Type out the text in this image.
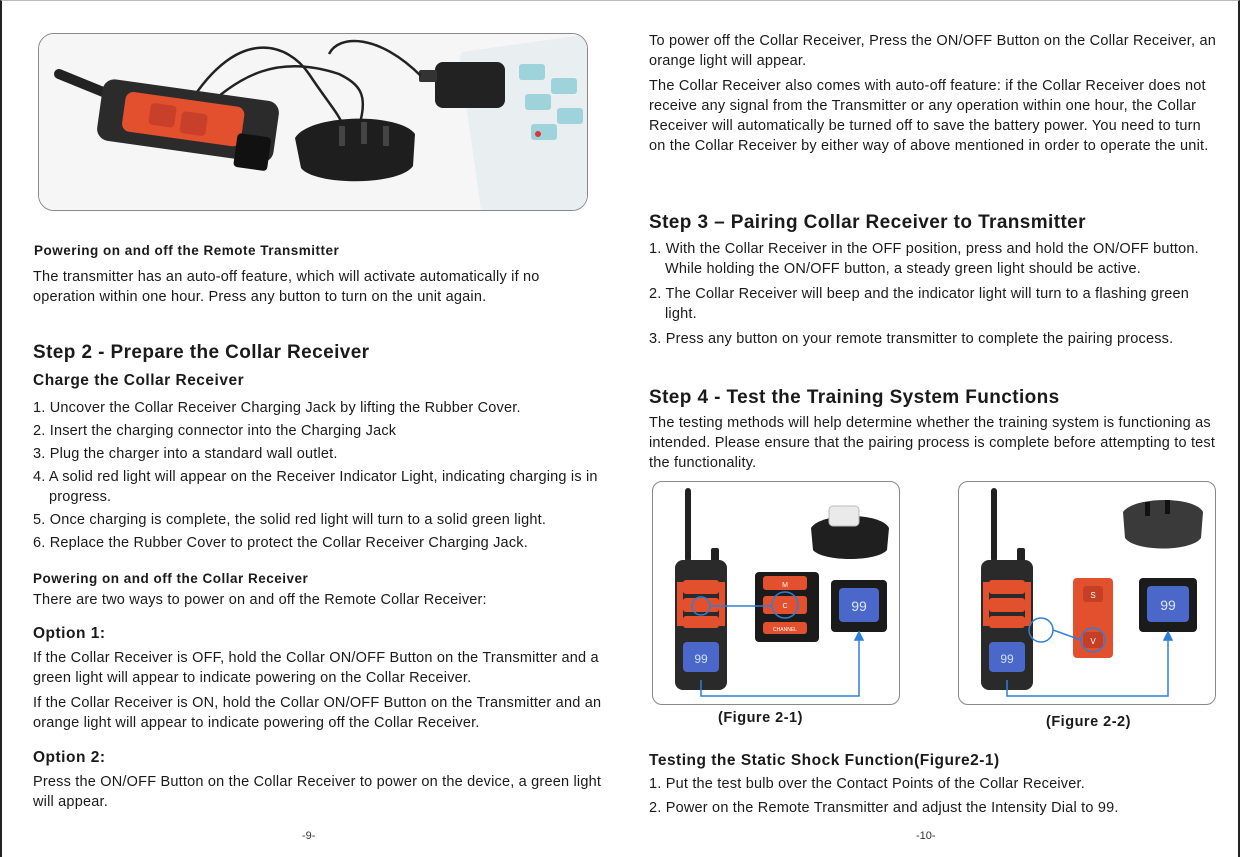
Powering on and off the Remote Transmitter

The transmitter has an auto-off feature, which will activate automatically if no operation within one hour. Press any button to turn on the unit again.

Step 2 - Prepare the Collar Receiver
Charge the Collar Receiver
1. Uncover the Collar Receiver Charging Jack by lifting the Rubber Cover.
2. Insert the charging connector into the Charging Jack
3. Plug the charger into a standard wall outlet.
4. A solid red light will appear on the Receiver Indicator Light, indicating charging is in progress.
5. Once charging is complete, the solid red light will turn to a solid green light.
6. Replace the Rubber Cover to protect the Collar Receiver Charging Jack.
Powering on and off the Collar Receiver

There are two ways to power on and off the Remote Collar Receiver:

Option 1:

If the Collar Receiver is OFF, hold the Collar ON/OFF Button on the Transmitter and a green light will appear to indicate powering on the Collar Receiver.

If the Collar Receiver is ON, hold the Collar ON/OFF Button on the Transmitter and an orange light will appear to indicate powering off the Collar Receiver.

Option 2:

Press the ON/OFF Button on the Collar Receiver to power on the device, a green light will appear.

-9-

To power off the Collar Receiver, Press the ON/OFF Button on the Collar Receiver, an orange light will appear.

The Collar Receiver also comes with auto-off feature: if the Collar Receiver does not receive any signal from the Transmitter or any operation within one hour, the Collar Receiver will automatically be turned off to save the battery power. You need to turn on the Collar Receiver by either way of above mentioned in order to operate the unit.

Step 3 – Pairing Collar Receiver to Transmitter
1. With the Collar Receiver in the OFF position, press and hold the ON/OFF button. While holding the ON/OFF button, a steady green light should be active.
2. The Collar Receiver will beep and the indicator light will turn to a flashing green light.
3. Press any button on your remote transmitter to complete the pairing process.
Step 4 - Test the Training System Functions

The testing methods will help determine whether the training system is functioning as intended. Please ensure that the pairing process is complete before attempting to test the functionality.

99
M
C
CHANNEL
99
(Figure 2-1)
99
S
V
99
(Figure 2-2)
Testing the Static Shock Function(Figure2-1)
1. Put the test bulb over the Contact Points of the Collar Receiver.
2. Power on the Remote Transmitter and adjust the Intensity Dial to 99.
-10-
